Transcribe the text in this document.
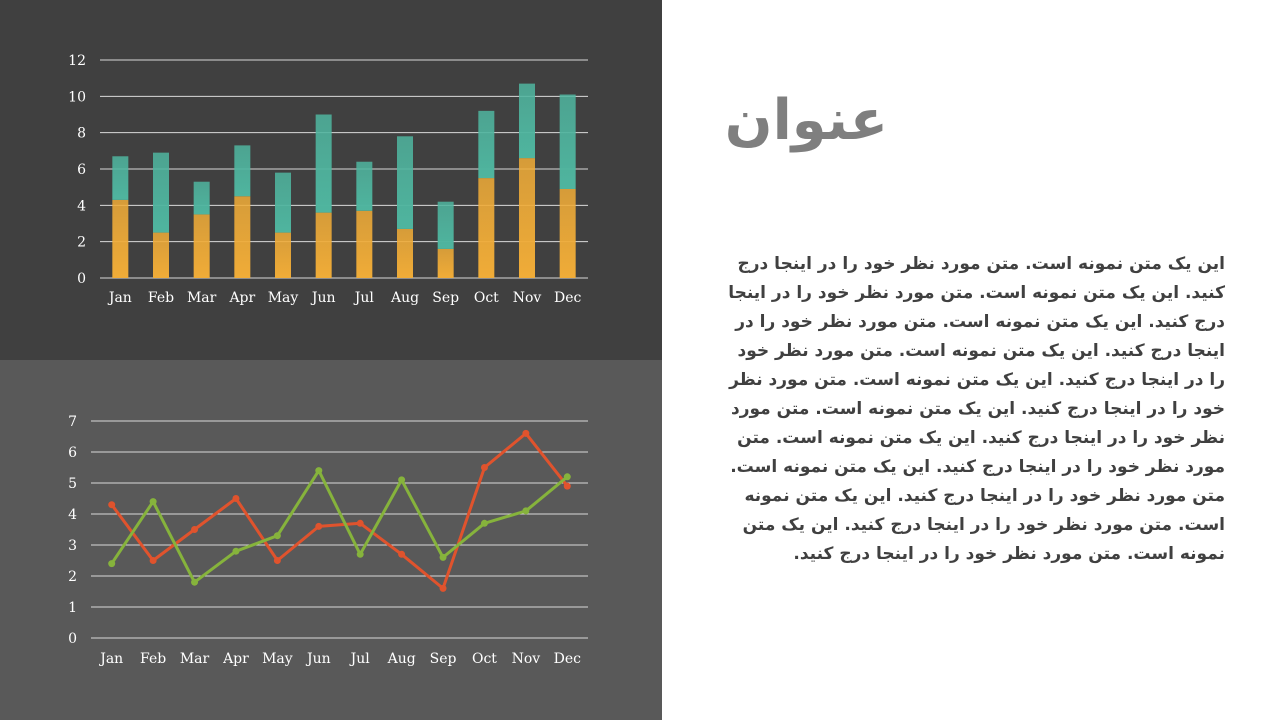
0
2
4
6
8
10
12
Jan Feb Mar Apr May Jun Jul Aug Sep Oct Nov Dec
0
1
2
3
4
5
6
7
Jan Feb Mar Apr May Jun Jul Aug Sep Oct Nov Dec
عنوان

این یک متن نمونه است. متن مورد نظر خود را در اینجا درج کنید. این یک متن نمونه است. متن مورد نظر خود را در اینجا درج کنید. این یک متن نمونه است. متن مورد نظر خود را در اینجا درج کنید. این یک متن نمونه است. متن مورد نظر خود را در اینجا درج کنید. این یک متن نمونه است. متن مورد نظر خود را در اینجا درج کنید. این یک متن نمونه است. متن مورد نظر خود را در اینجا درج کنید. این یک متن نمونه است. متن مورد نظر خود را در اینجا درج کنید. این یک متن نمونه است. متن مورد نظر خود را در اینجا درج کنید. این یک متن نمونه است. متن مورد نظر خود را در اینجا درج کنید. این یک متن نمونه است. متن مورد نظر خود را در اینجا درج کنید.
